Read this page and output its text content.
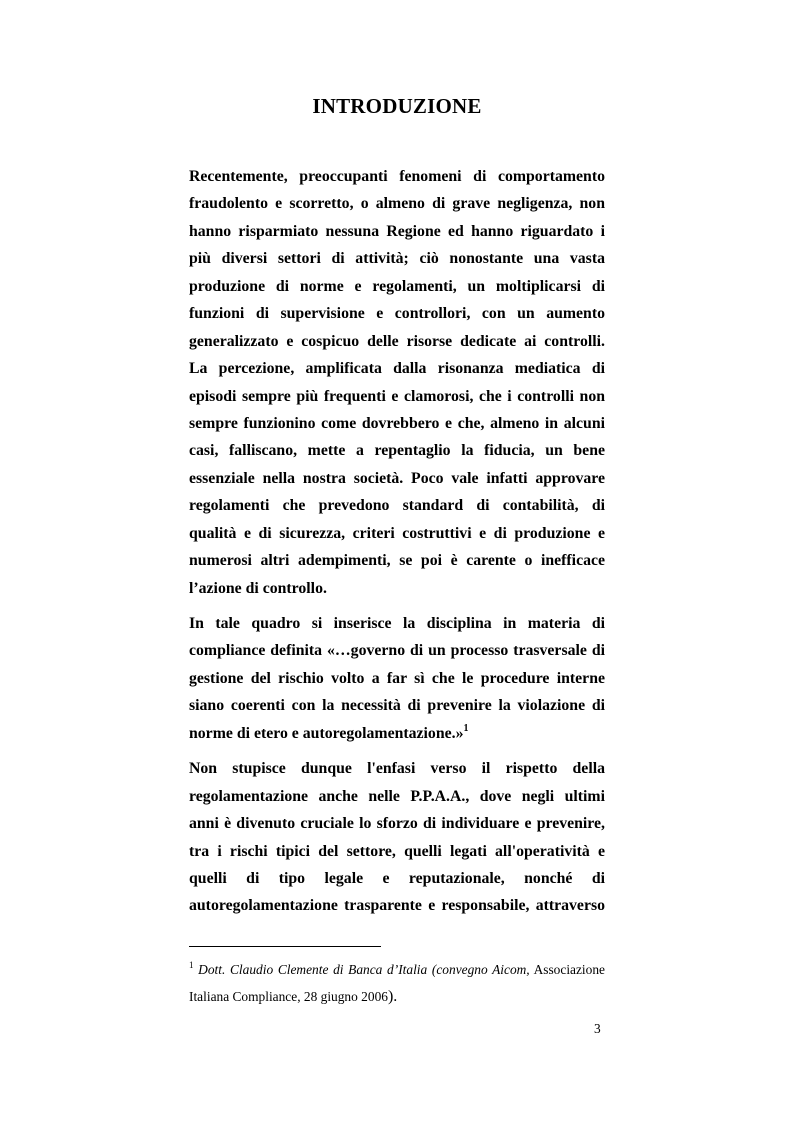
INTRODUZIONE
Recentemente, preoccupanti fenomeni di comportamento
fraudolento e scorretto, o almeno di grave negligenza, non
hanno risparmiato nessuna Regione ed hanno riguardato i
più diversi settori di attività; ciò nonostante una vasta
produzione di norme e regolamenti, un moltiplicarsi di
funzioni di supervisione e controllori, con un aumento
generalizzato e cospicuo delle risorse dedicate ai controlli.
La percezione, amplificata dalla risonanza mediatica di
episodi sempre più frequenti e clamorosi, che i controlli non
sempre funzionino come dovrebbero e che, almeno in alcuni
casi, falliscano, mette a repentaglio la fiducia, un bene
essenziale nella nostra società. Poco vale infatti approvare
regolamenti che prevedono standard di contabilità, di
qualità e di sicurezza, criteri costruttivi e di produzione e
numerosi altri adempimenti, se poi è carente o inefficace
l’azione di controllo.
In tale quadro si inserisce la disciplina in materia di
compliance definita «…governo di un processo trasversale di
gestione del rischio volto a far sì che le procedure interne
siano coerenti con la necessità di prevenire la violazione di
norme di etero e autoregolamentazione.»$^1$
Non stupisce dunque l'enfasi verso il rispetto della
regolamentazione anche nelle P.P.A.A., dove negli ultimi
anni è divenuto cruciale lo sforzo di individuare e prevenire,
tra i rischi tipici del settore, quelli legati all'operatività e
quelli di tipo legale e reputazionale, nonché di
autoregolamentazione trasparente e responsabile, attraverso
$^1$ Dott. Claudio Clemente di Banca d’Italia (convegno Aicom, Associazione
Italiana Compliance, 28 giugno 2006).
3
